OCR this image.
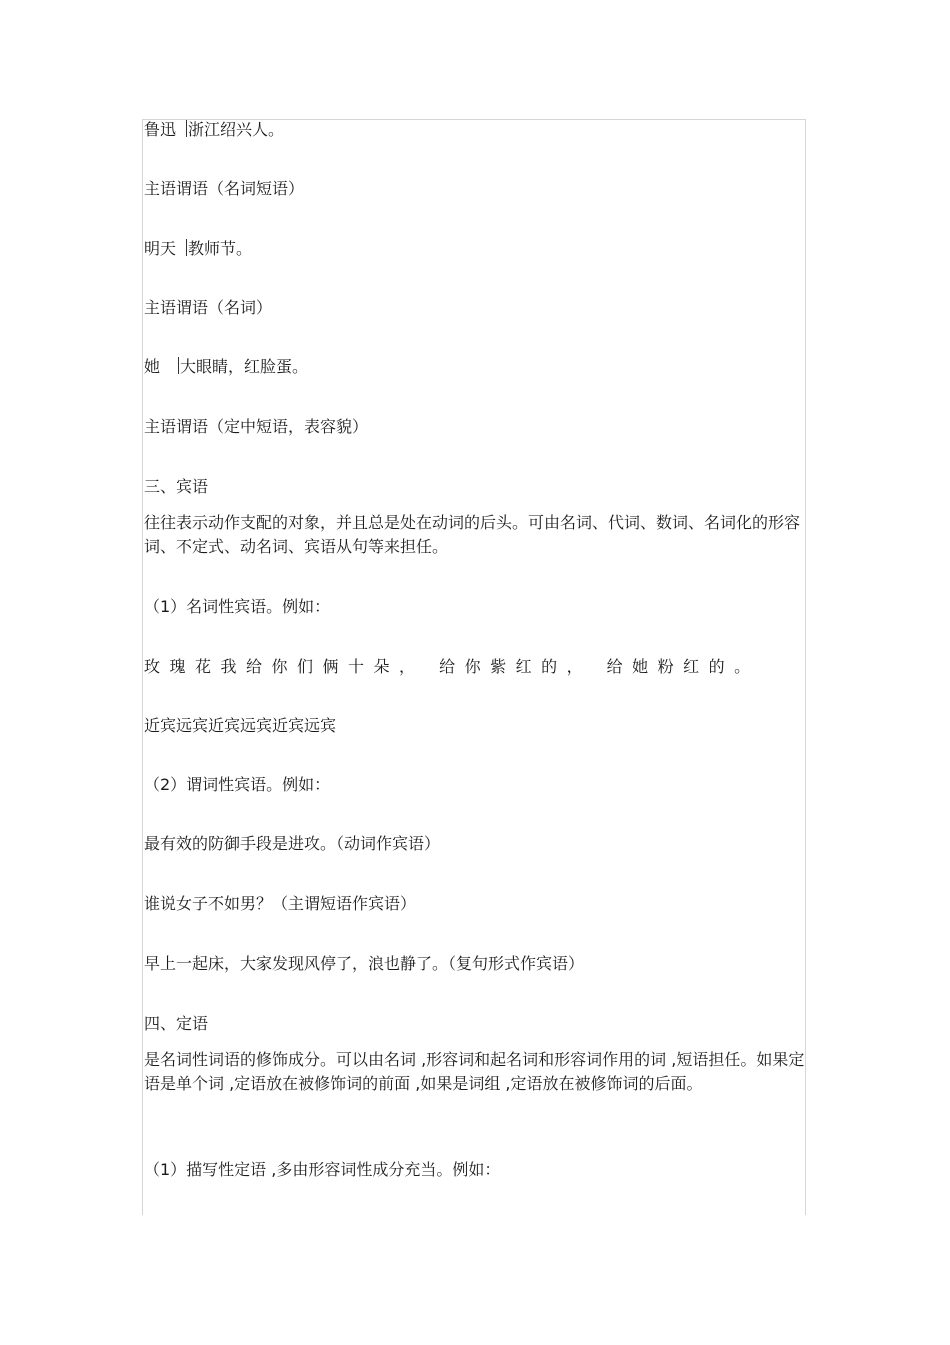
鲁迅 浙江绍兴人。
主语谓语（名词短语）
明天 教师节。
主语谓语（名词）
她 大眼睛，红脸蛋。
主语谓语（定中短语，表容貌）
三、宾语
往往表示动作支配的对象，并且总是处在动词的后头。可由名词、代词、数词、名词化的形容词、不定式、动名词、宾语从句等来担任。
（1）名词性宾语。例如：
玫瑰花我给你们俩十朵， 给你紫红的， 给她粉红的。
近宾远宾近宾远宾近宾远宾
（2）谓词性宾语。例如：
最有效的防御手段是进攻。（动词作宾语）
谁说女子不如男？（主谓短语作宾语）
早上一起床，大家发现风停了，浪也静了。（复句形式作宾语）
四、定语
是名词性词语的修饰成分。可以由名词 ,形容词和起名词和形容词作用的词 ,短语担任。如果定语是单个词 ,定语放在被修饰词的前面 ,如果是词组 ,定语放在被修饰词的后面。
（1）描写性定语 ,多由形容词性成分充当。例如：
